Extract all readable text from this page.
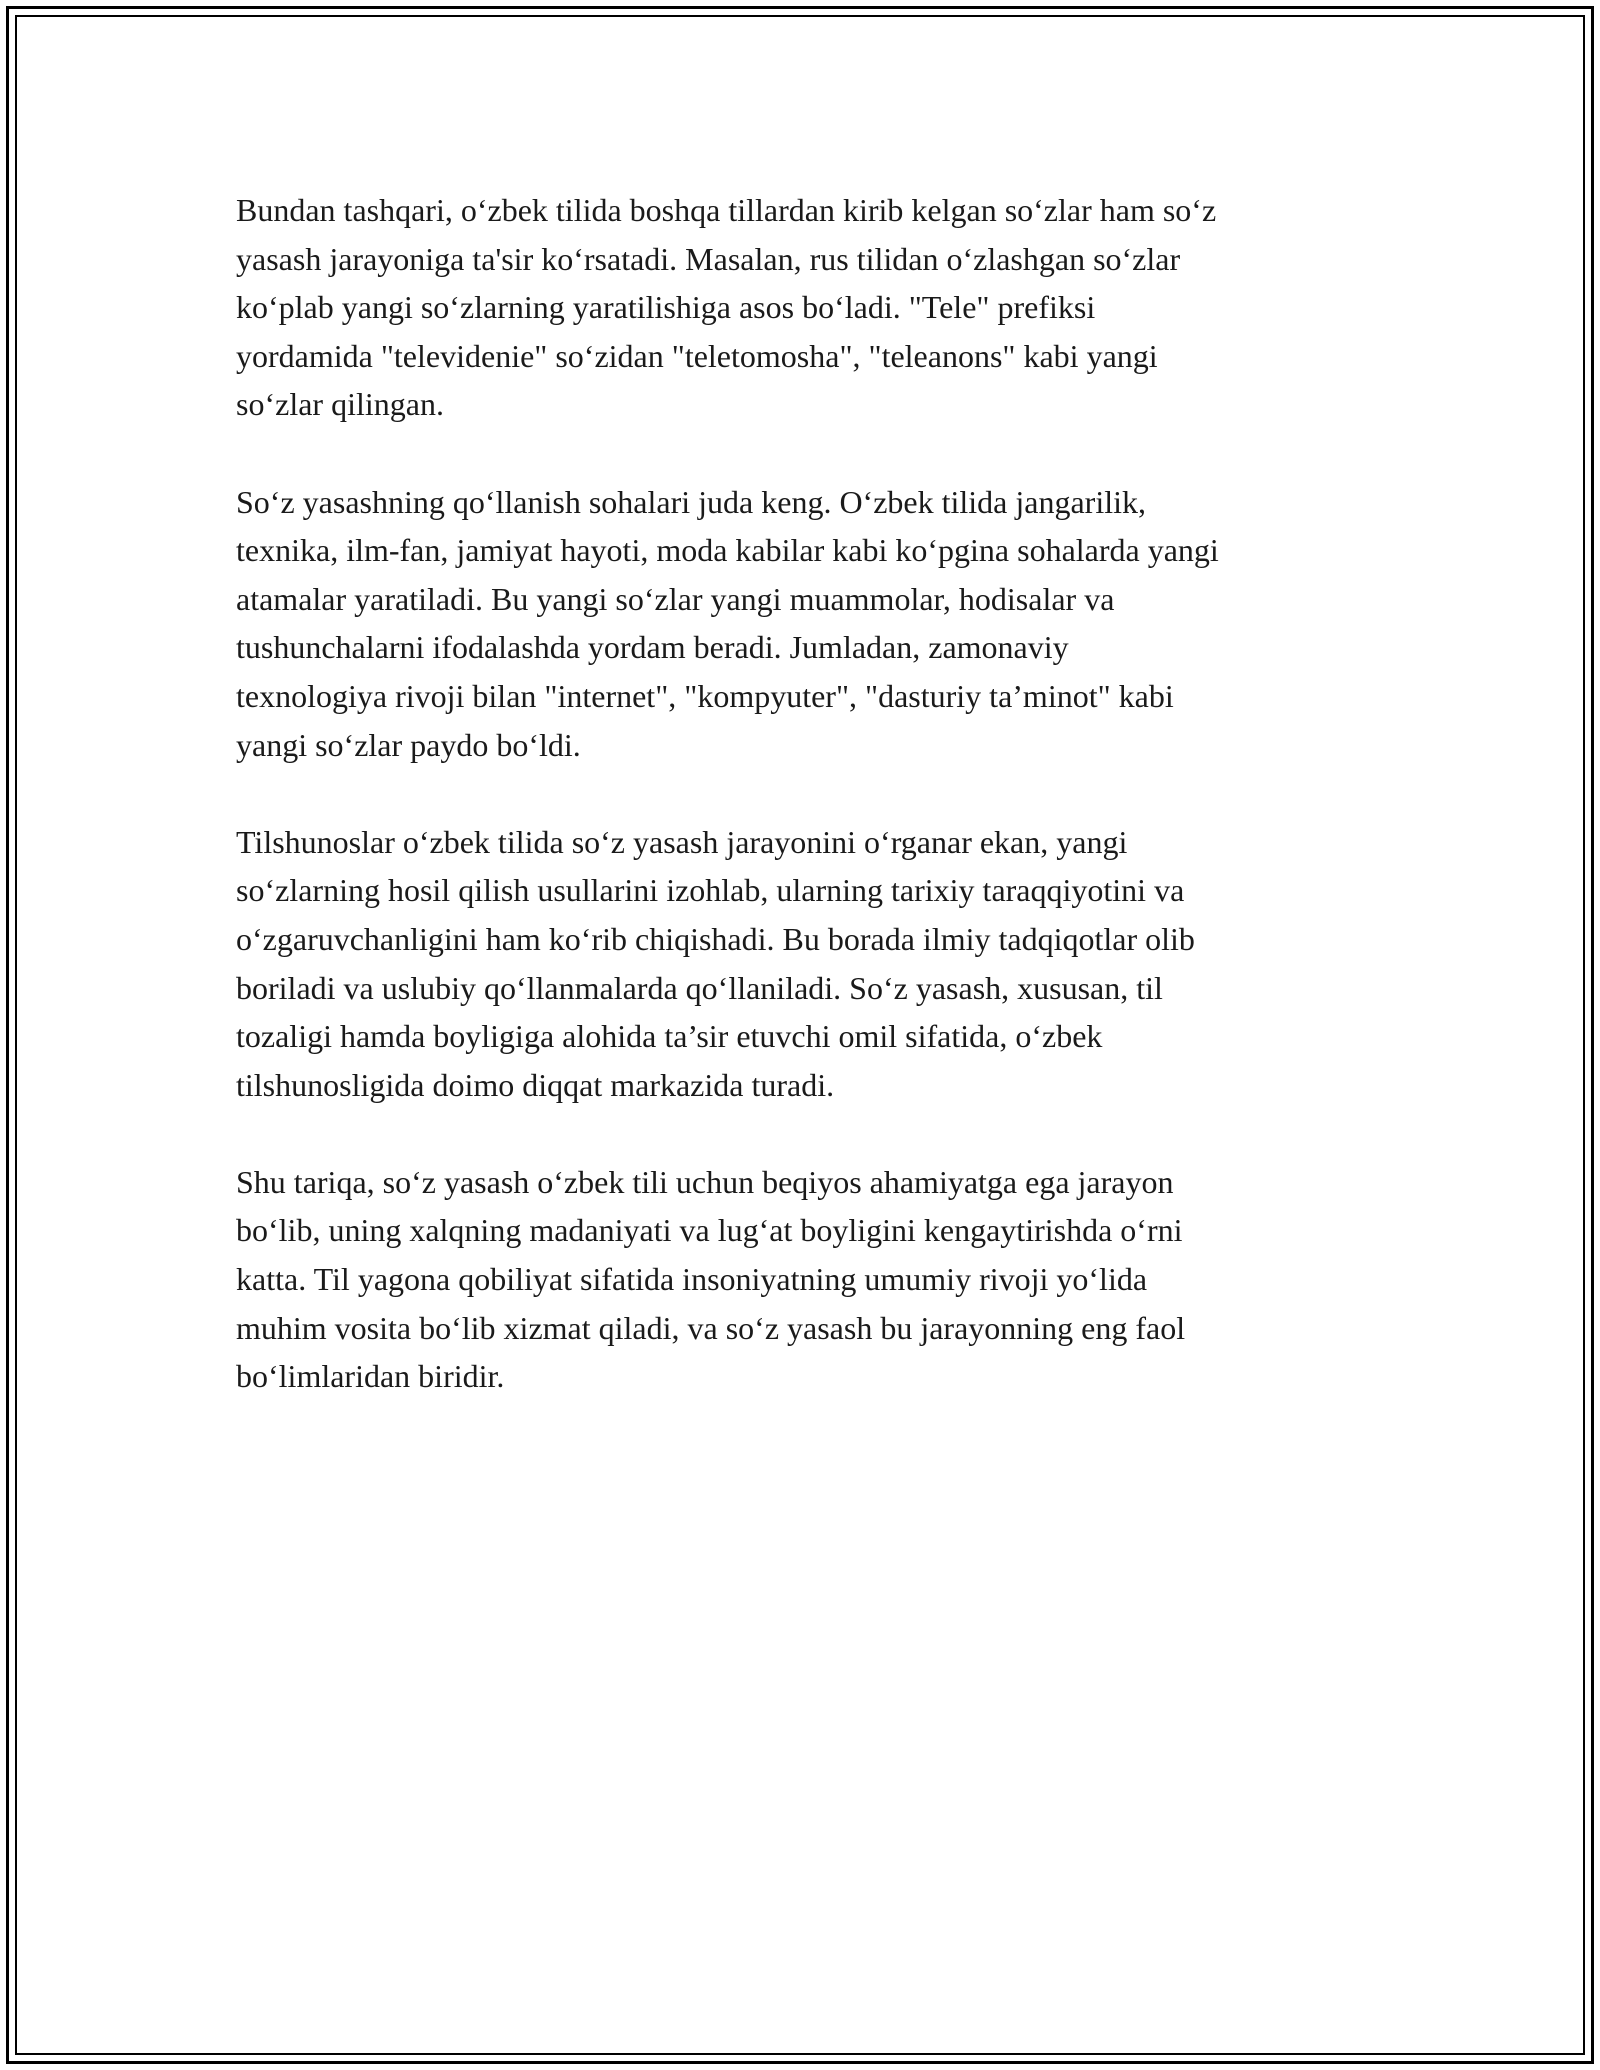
Bundan tashqari, o‘zbek tilida boshqa tillardan kirib kelgan so‘zlar ham so‘z
yasash jarayoniga ta'sir ko‘rsatadi. Masalan, rus tilidan o‘zlashgan so‘zlar
ko‘plab yangi so‘zlarning yaratilishiga asos bo‘ladi. "Tele" prefiksi
yordamida "televidenie" so‘zidan "teletomosha", "teleanons" kabi yangi
so‘zlar qilingan.

So‘z yasashning qo‘llanish sohalari juda keng. O‘zbek tilida jangarilik,
texnika, ilm-fan, jamiyat hayoti, moda kabilar kabi ko‘pgina sohalarda yangi
atamalar yaratiladi. Bu yangi so‘zlar yangi muammolar, hodisalar va
tushunchalarni ifodalashda yordam beradi. Jumladan, zamonaviy
texnologiya rivoji bilan "internet", "kompyuter", "dasturiy ta’minot" kabi
yangi so‘zlar paydo bo‘ldi.

Tilshunoslar o‘zbek tilida so‘z yasash jarayonini o‘rganar ekan, yangi
so‘zlarning hosil qilish usullarini izohlab, ularning tarixiy taraqqiyotini va
o‘zgaruvchanligini ham ko‘rib chiqishadi. Bu borada ilmiy tadqiqotlar olib
boriladi va uslubiy qo‘llanmalarda qo‘llaniladi. So‘z yasash, xususan, til
tozaligi hamda boyligiga alohida ta’sir etuvchi omil sifatida, o‘zbek
tilshunosligida doimo diqqat markazida turadi.

Shu tariqa, so‘z yasash o‘zbek tili uchun beqiyos ahamiyatga ega jarayon
bo‘lib, uning xalqning madaniyati va lug‘at boyligini kengaytirishda o‘rni
katta. Til yagona qobiliyat sifatida insoniyatning umumiy rivoji yo‘lida
muhim vosita bo‘lib xizmat qiladi, va so‘z yasash bu jarayonning eng faol
bo‘limlaridan biridir.
